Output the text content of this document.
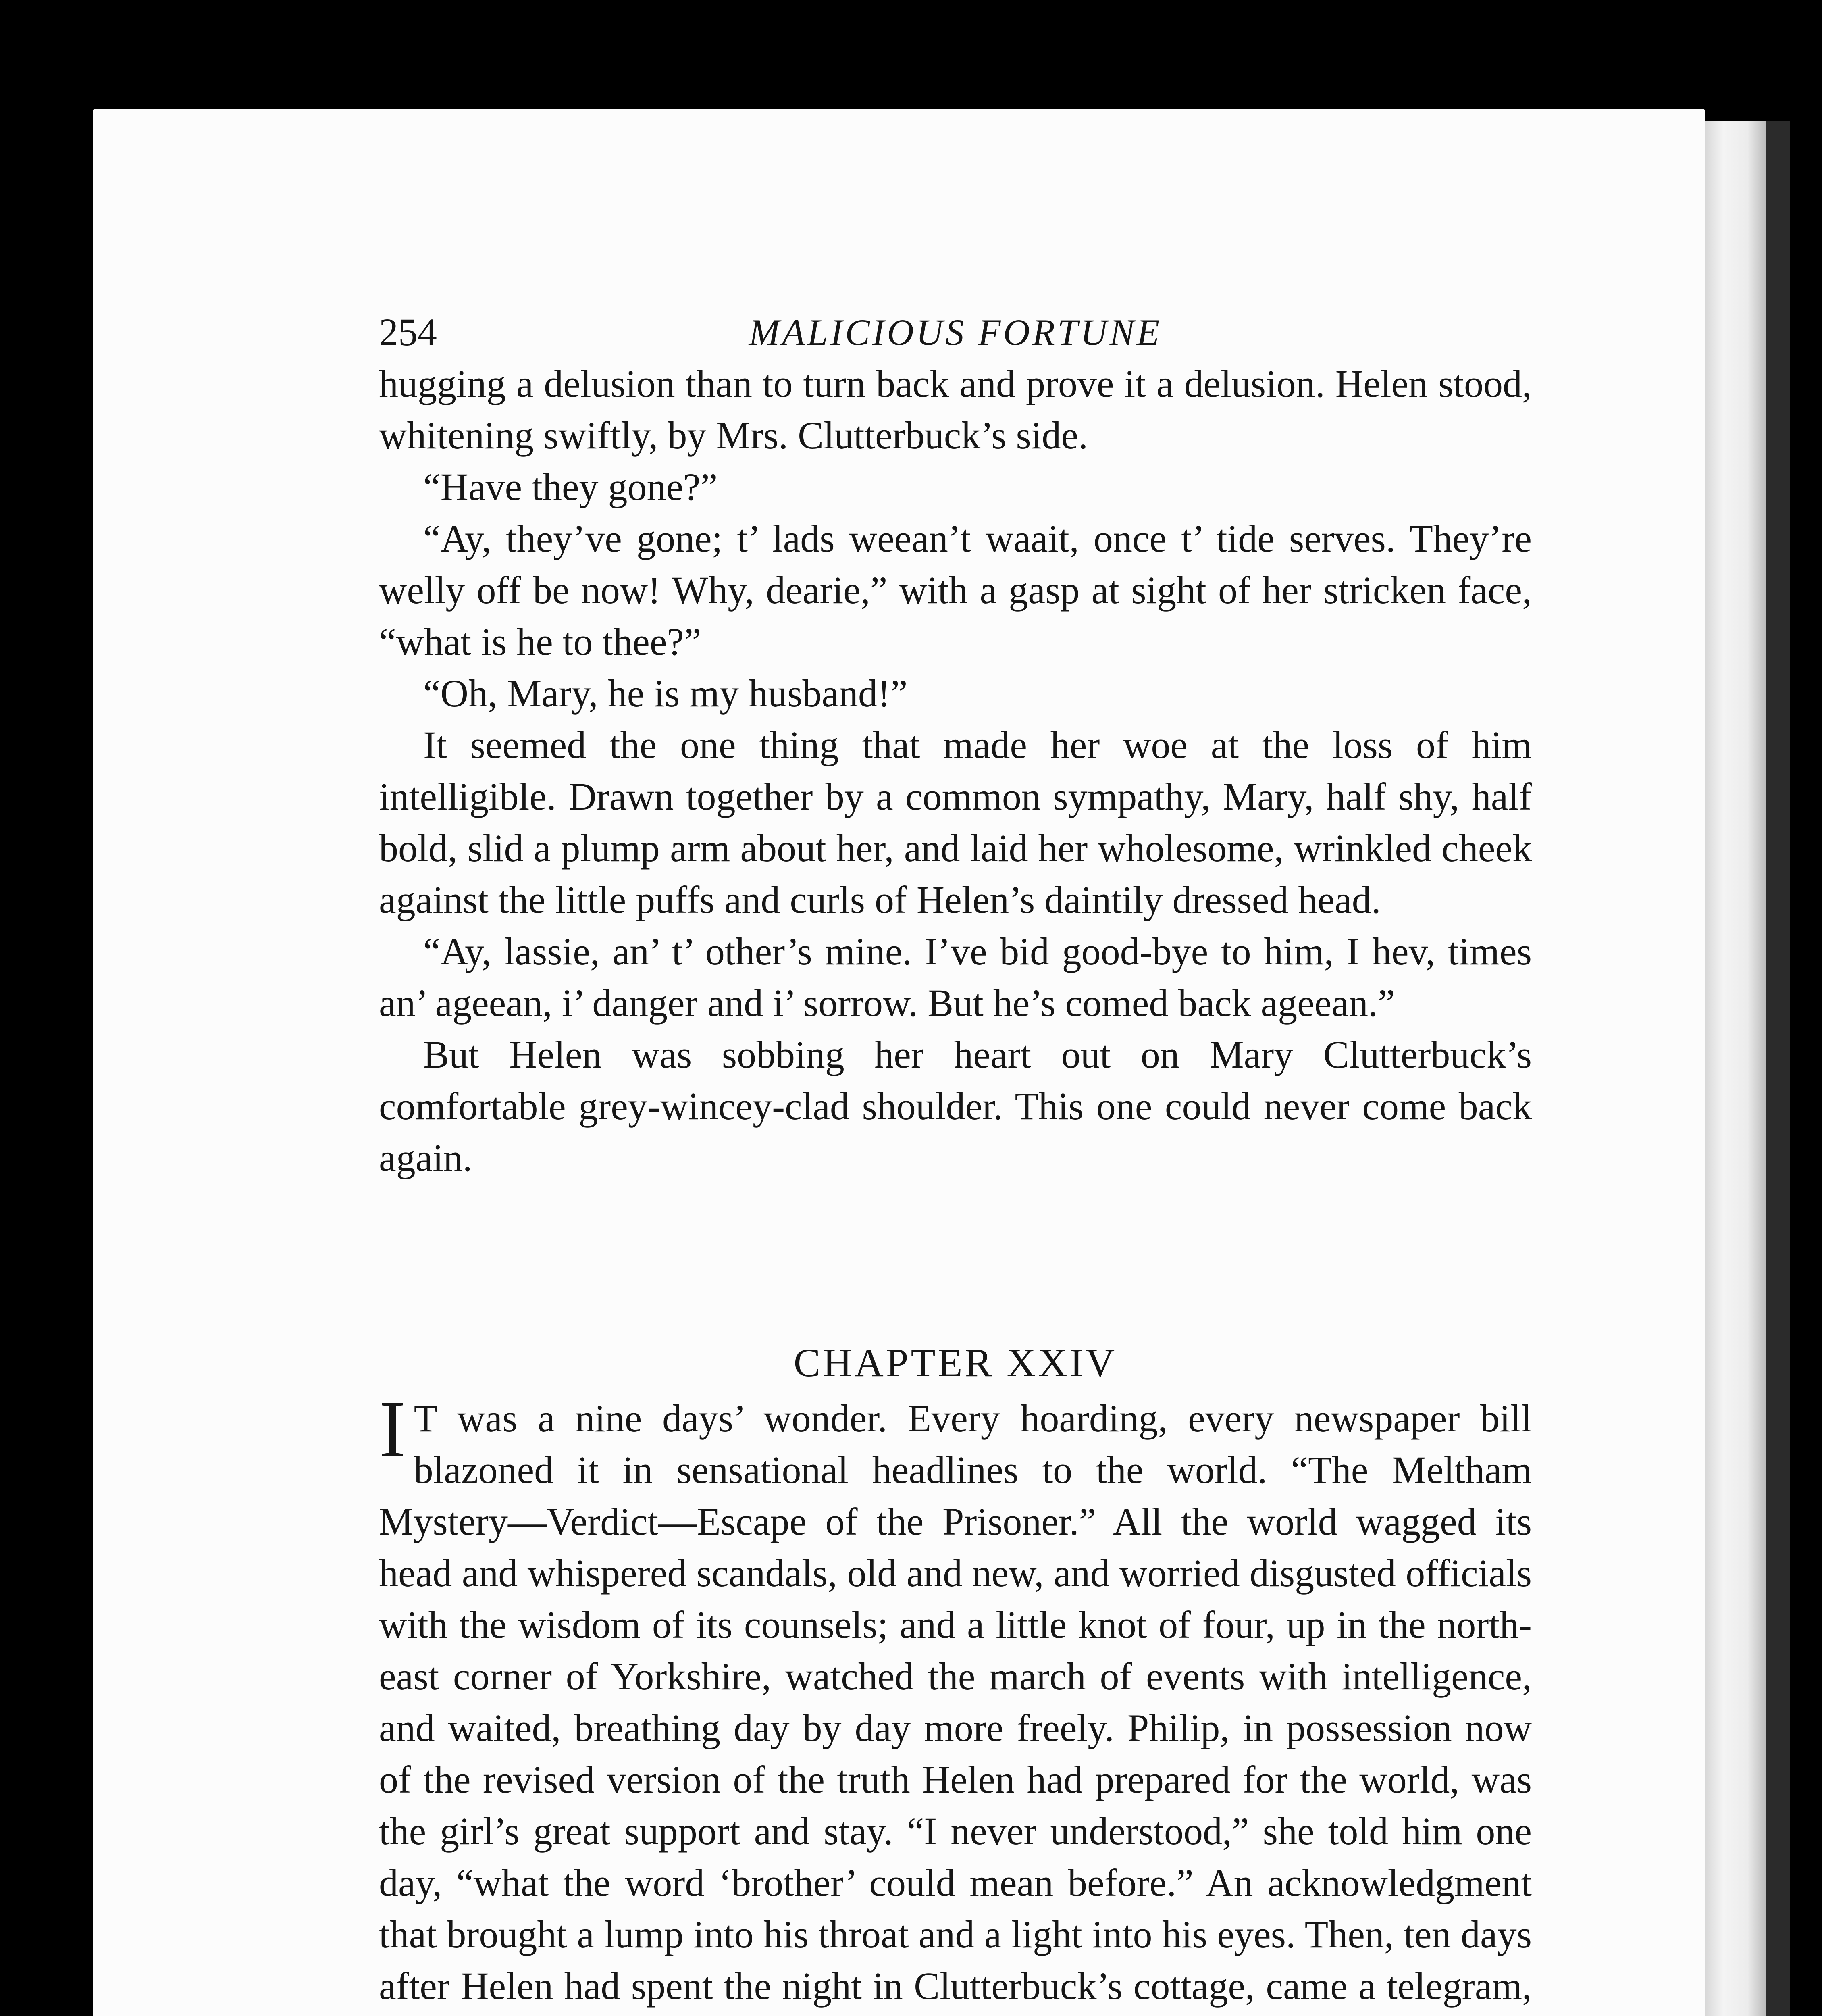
254	MALICIOUS FORTUNE

hugging a delusion than to turn back and prove it a delusion. Helen stood, whitening swiftly, by Mrs. Clutterbuck’s side.

“Have they gone?”

“Ay, they’ve gone; t’ lads weean’t waait, once t’ tide serves. They’re welly off be now! Why, dearie,” with a gasp at sight of her stricken face, “what is he to thee?”

“Oh, Mary, he is my husband!”

It seemed the one thing that made her woe at the loss of him intelligible. Drawn together by a common sympathy, Mary, half shy, half bold, slid a plump arm about her, and laid her wholesome, wrinkled cheek against the little puffs and curls of Helen’s daintily dressed head.

“Ay, lassie, an’ t’ other’s mine. I’ve bid good-bye to him, I hev, times an’ ageean, i’ danger and i’ sorrow. But he’s comed back ageean.”

But Helen was sobbing her heart out on Mary Clutterbuck’s comfortable grey-wincey-clad shoulder. This one could never come back again.

CHAPTER XXIV

I T was a nine days’ wonder. Every hoarding, every newspaper bill blazoned it in sensational headlines to the world. “The Meltham Mystery—Verdict—Escape of the Prisoner.” All the world wagged its head and whispered scandals, old and new, and worried disgusted officials with the wisdom of its counsels; and a little knot of four, up in the north-east corner of Yorkshire, watched the march of events with intelligence, and waited, breathing day by day more freely. Philip, in possession now of the revised version of the truth Helen had prepared for the world, was the girl’s great support and stay. “I never understood,” she told him one day, “what the word ‘brother’ could mean before.” An acknowledgment that brought a lump into his throat and a light into his eyes. Then, ten days after Helen had spent the night in Clutterbuck’s cottage, came a telegram,
